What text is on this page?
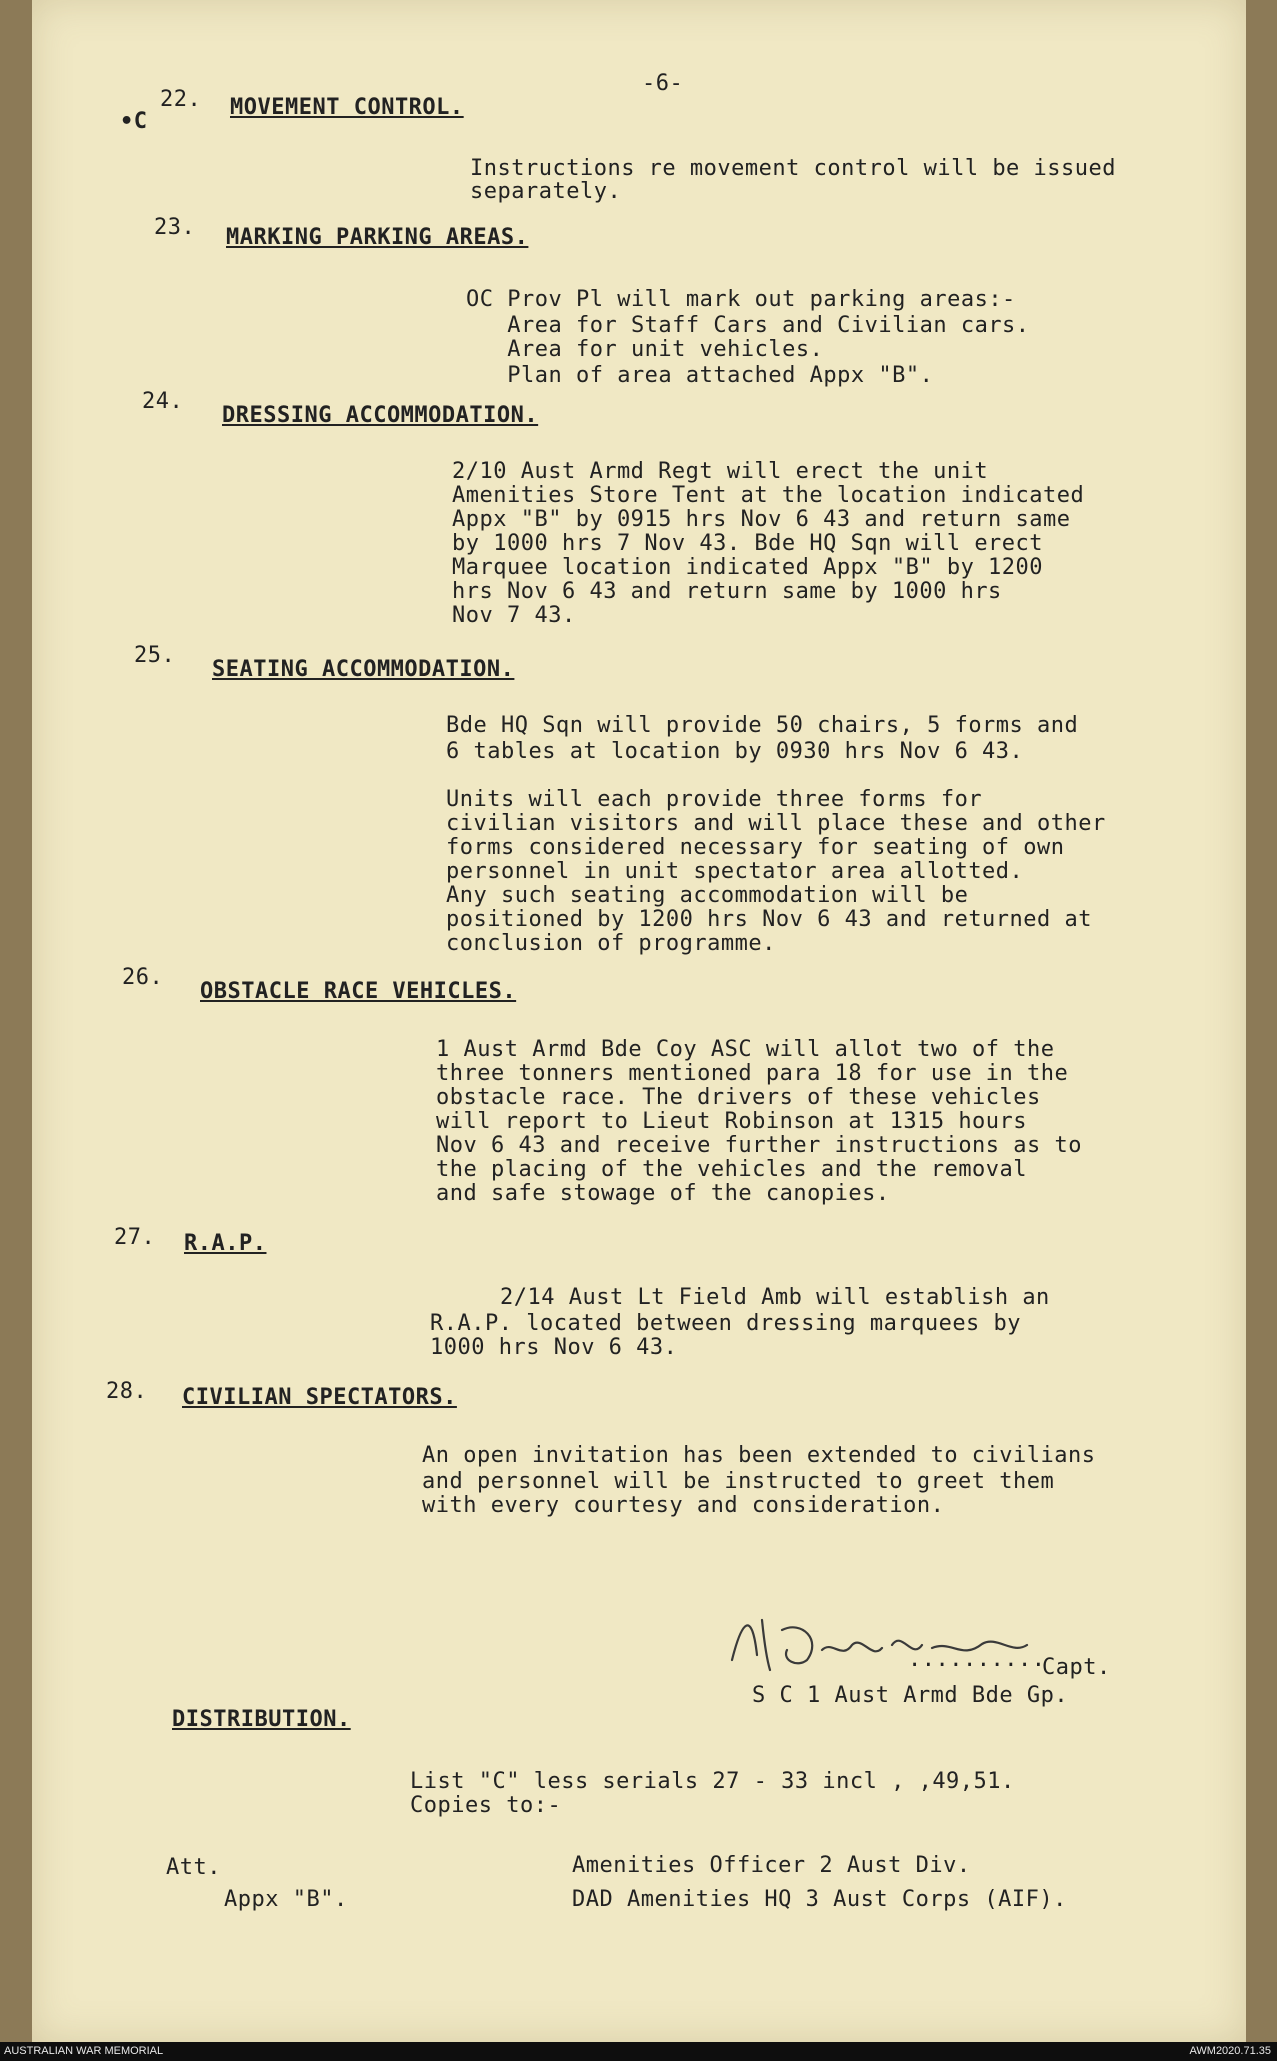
-6-
•C
22. MOVEMENT CONTROL.
Instructions re movement control will be issued
separately.
23. MARKING PARKING AREAS.
OC Prov Pl will mark out parking areas:-
Area for Staff Cars and Civilian cars.
Area for unit vehicles.
Plan of area attached Appx "B".
24.
DRESSING ACCOMMODATION.
2/10 Aust Armd Regt will erect the unit
Amenities Store Tent at the location indicated
Appx "B" by 0915 hrs Nov 6 43 and return same
by 1000 hrs 7 Nov 43. Bde HQ Sqn will erect
Marquee location indicated Appx "B" by 1200
hrs Nov 6 43 and return same by 1000 hrs
Nov 7 43.
25.
SEATING ACCOMMODATION.
Bde HQ Sqn will provide 50 chairs, 5 forms and
6 tables at location by 0930 hrs Nov 6 43.
Units will each provide three forms for
civilian visitors and will place these and other
forms considered necessary for seating of own
personnel in unit spectator area allotted.
Any such seating accommodation will be
positioned by 1200 hrs Nov 6 43 and returned at
conclusion of programme.
26.
OBSTACLE RACE VEHICLES.
1 Aust Armd Bde Coy ASC will allot two of the
three tonners mentioned para 18 for use in the
obstacle race. The drivers of these vehicles
will report to Lieut Robinson at 1315 hours
Nov 6 43 and receive further instructions as to
the placing of the vehicles and the removal
and safe stowage of the canopies.
27. R.A.P.
2/14 Aust Lt Field Amb will establish an
R.A.P. located between dressing marquees by
1000 hrs Nov 6 43.
28. CIVILIAN SPECTATORS.
An open invitation has been extended to civilians
and personnel will be instructed to greet them
with every courtesy and consideration.
..........
Capt.
S C 1 Aust Armd Bde Gp.
DISTRIBUTION.
List "C" less serials 27 - 33 incl , ,49,51.
Copies to:-
Amenities Officer 2 Aust Div.
DAD Amenities HQ 3 Aust Corps (AIF).
Att.
Appx "B".
AUSTRALIAN WAR MEMORIAL	AWM2020.71.35
